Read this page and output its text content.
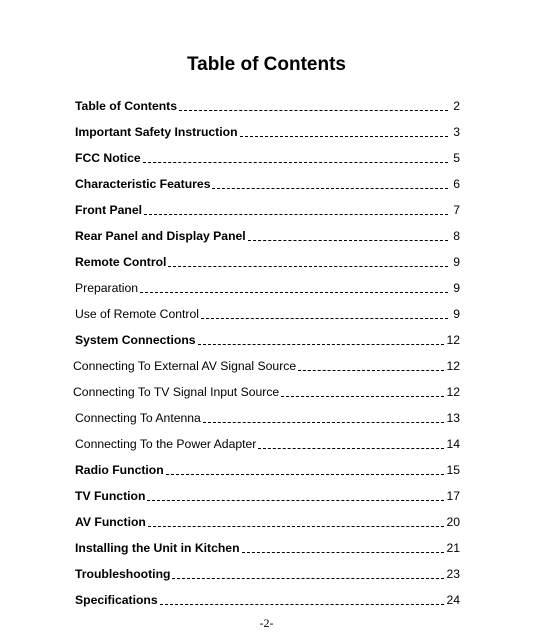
Table of Contents
Table of Contents	2
Important Safety Instruction	3
FCC Notice	5
Characteristic Features	6
Front Panel	7
Rear Panel and Display Panel	8
Remote Control	9
Preparation	9
Use of Remote Control	9
System Connections	12
Connecting To External AV Signal Source	12
Connecting To TV Signal Input Source	12
Connecting To Antenna	13
Connecting To the Power Adapter	14
Radio Function	15
TV Function	17
AV Function	20
Installing the Unit in Kitchen	21
Troubleshooting	23
Specifications	24
-2-
